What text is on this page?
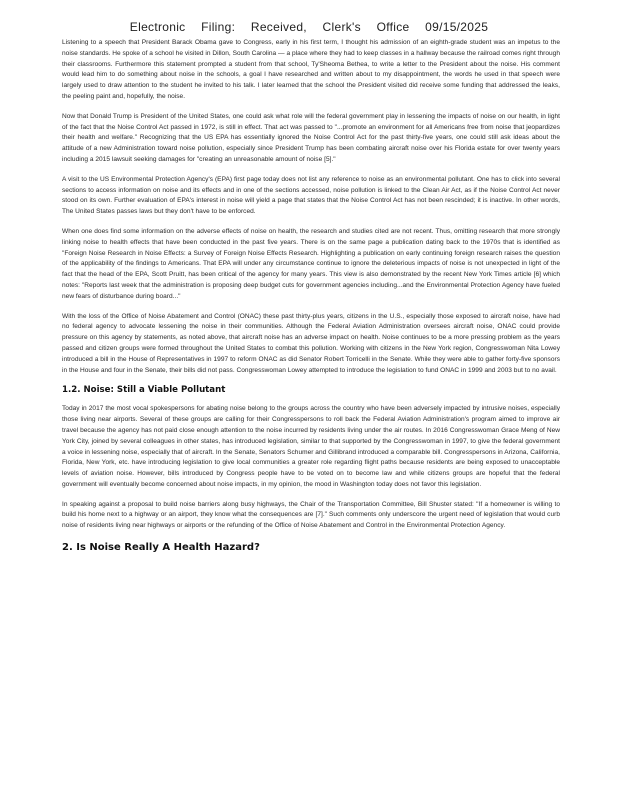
Electronic Filing: Received, Clerk's Office 09/15/2025

Listening to a speech that President Barack Obama gave to Congress, early in his first term, I thought his admission of an eighth-grade student was an impetus to the noise standards. He spoke of a school he visited in Dillon, South Carolina — a place where they had to keep classes in a hallway because the railroad comes right through their classrooms. Furthermore this statement prompted a student from that school, Ty'Sheoma Bethea, to write a letter to the President about the noise. His comment would lead him to do something about noise in the schools, a goal I have researched and written about to my disappointment, the words he used in that speech were largely used to draw attention to the student he invited to his talk. I later learned that the school the President visited did receive some funding that addressed the leaks, the peeling paint and, hopefully, the noise.

Now that Donald Trump is President of the United States, one could ask what role will the federal government play in lessening the impacts of noise on our health, in light of the fact that the Noise Control Act passed in 1972, is still in effect. That act was passed to "...promote an environment for all Americans free from noise that jeopardizes their health and welfare." Recognizing that the US EPA has essentially ignored the Noise Control Act for the past thirty-five years, one could still ask ideas about the attitude of a new Administration toward noise pollution, especially since President Trump has been combating aircraft noise over his Florida estate for over twenty years including a 2015 lawsuit seeking damages for "creating an unreasonable amount of noise [5]."

A visit to the US Environmental Protection Agency's (EPA) first page today does not list any reference to noise as an environmental pollutant. One has to click into several sections to access information on noise and its effects and in one of the sections accessed, noise pollution is linked to the Clean Air Act, as if the Noise Control Act never stood on its own. Further evaluation of EPA's interest in noise will yield a page that states that the Noise Control Act has not been rescinded; it is inactive. In other words, The United States passes laws but they don't have to be enforced.

When one does find some information on the adverse effects of noise on health, the research and studies cited are not recent. Thus, omitting research that more strongly linking noise to health effects that have been conducted in the past five years. There is on the same page a publication dating back to the 1970s that is identified as "Foreign Noise Research in Noise Effects: a Survey of Foreign Noise Effects Research. Highlighting a publication on early continuing foreign research raises the question of the applicability of the findings to Americans. That EPA will under any circumstance continue to ignore the deleterious impacts of noise is not unexpected in light of the fact that the head of the EPA, Scott Pruitt, has been critical of the agency for many years. This view is also demonstrated by the recent New York Times article [6] which notes: "Reports last week that the administration is proposing deep budget cuts for government agencies including...and the Environmental Protection Agency have fueled new fears of disturbance during board..."

With the loss of the Office of Noise Abatement and Control (ONAC) these past thirty-plus years, citizens in the U.S., especially those exposed to aircraft noise, have had no federal agency to advocate lessening the noise in their communities. Although the Federal Aviation Administration oversees aircraft noise, ONAC could provide pressure on this agency by statements, as noted above, that aircraft noise has an adverse impact on health. Noise continues to be a more pressing problem as the years passed and citizen groups were formed throughout the United States to combat this pollution. Working with citizens in the New York region, Congresswoman Nita Lowey introduced a bill in the House of Representatives in 1997 to reform ONAC as did Senator Robert Torricelli in the Senate. While they were able to gather forty-five sponsors in the House and four in the Senate, their bills did not pass. Congresswoman Lowey attempted to introduce the legislation to fund ONAC in 1999 and 2003 but to no avail.

1.2. Noise: Still a Viable Pollutant

Today in 2017 the most vocal spokespersons for abating noise belong to the groups across the country who have been adversely impacted by intrusive noises, especially those living near airports. Several of these groups are calling for their Congresspersons to roll back the Federal Aviation Administration's program aimed to improve air travel because the agency has not paid close enough attention to the noise incurred by residents living under the air routes. In 2016 Congresswoman Grace Meng of New York City, joined by several colleagues in other states, has introduced legislation, similar to that supported by the Congresswoman in 1997, to give the federal government a voice in lessening noise, especially that of aircraft. In the Senate, Senators Schumer and Gillibrand introduced a comparable bill. Congresspersons in Arizona, California, Florida, New York, etc. have introducing legislation to give local communities a greater role regarding flight paths because residents are being exposed to unacceptable levels of aviation noise. However, bills introduced by Congress people have to be voted on to become law and while citizens groups are hopeful that the federal government will eventually become concerned about noise impacts, in my opinion, the mood in Washington today does not favor this legislation.

In speaking against a proposal to build noise barriers along busy highways, the Chair of the Transportation Committee, Bill Shuster stated: "If a homeowner is willing to build his home next to a highway or an airport, they know what the consequences are [7]." Such comments only underscore the urgent need of legislation that would curb noise of residents living near highways or airports or the refunding of the Office of Noise Abatement and Control in the Environmental Protection Agency.

2. Is Noise Really A Health Hazard?
